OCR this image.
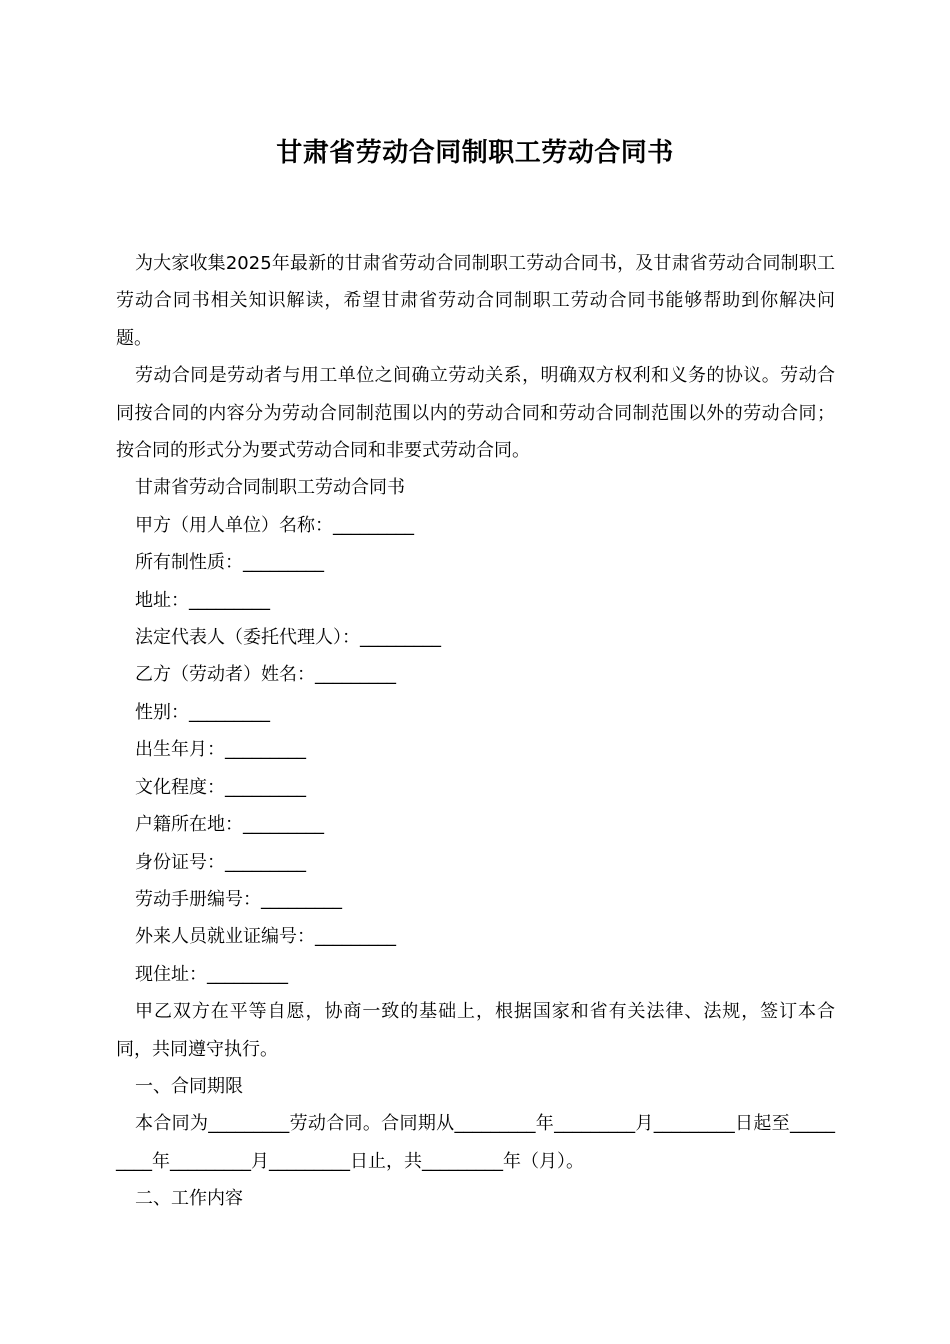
甘肃省劳动合同制职工劳动合同书

为大家收集2025年最新的甘肃省劳动合同制职工劳动合同书，及甘肃省劳动合同制职工劳动合同书相关知识解读，希望甘肃省劳动合同制职工劳动合同书能够帮助到你解决问题。

劳动合同是劳动者与用工单位之间确立劳动关系，明确双方权利和义务的协议。劳动合同按合同的内容分为劳动合同制范围以内的劳动合同和劳动合同制范围以外的劳动合同；按合同的形式分为要式劳动合同和非要式劳动合同。

甘肃省劳动合同制职工劳动合同书

甲方（用人单位）名称：_________

所有制性质：_________

地址：_________

法定代表人（委托代理人）：_________

乙方（劳动者）姓名：_________

性别：_________

出生年月：_________

文化程度：_________

户籍所在地：_________

身份证号：_________

劳动手册编号：_________

外来人员就业证编号：_________

现住址：_________

甲乙双方在平等自愿，协商一致的基础上，根据国家和省有关法律、法规，签订本合同，共同遵守执行。

一、合同期限

本合同为_________劳动合同。合同期从_________年_________月_________日起至_________年_________月_________日止，共_________年（月）。

二、工作内容
